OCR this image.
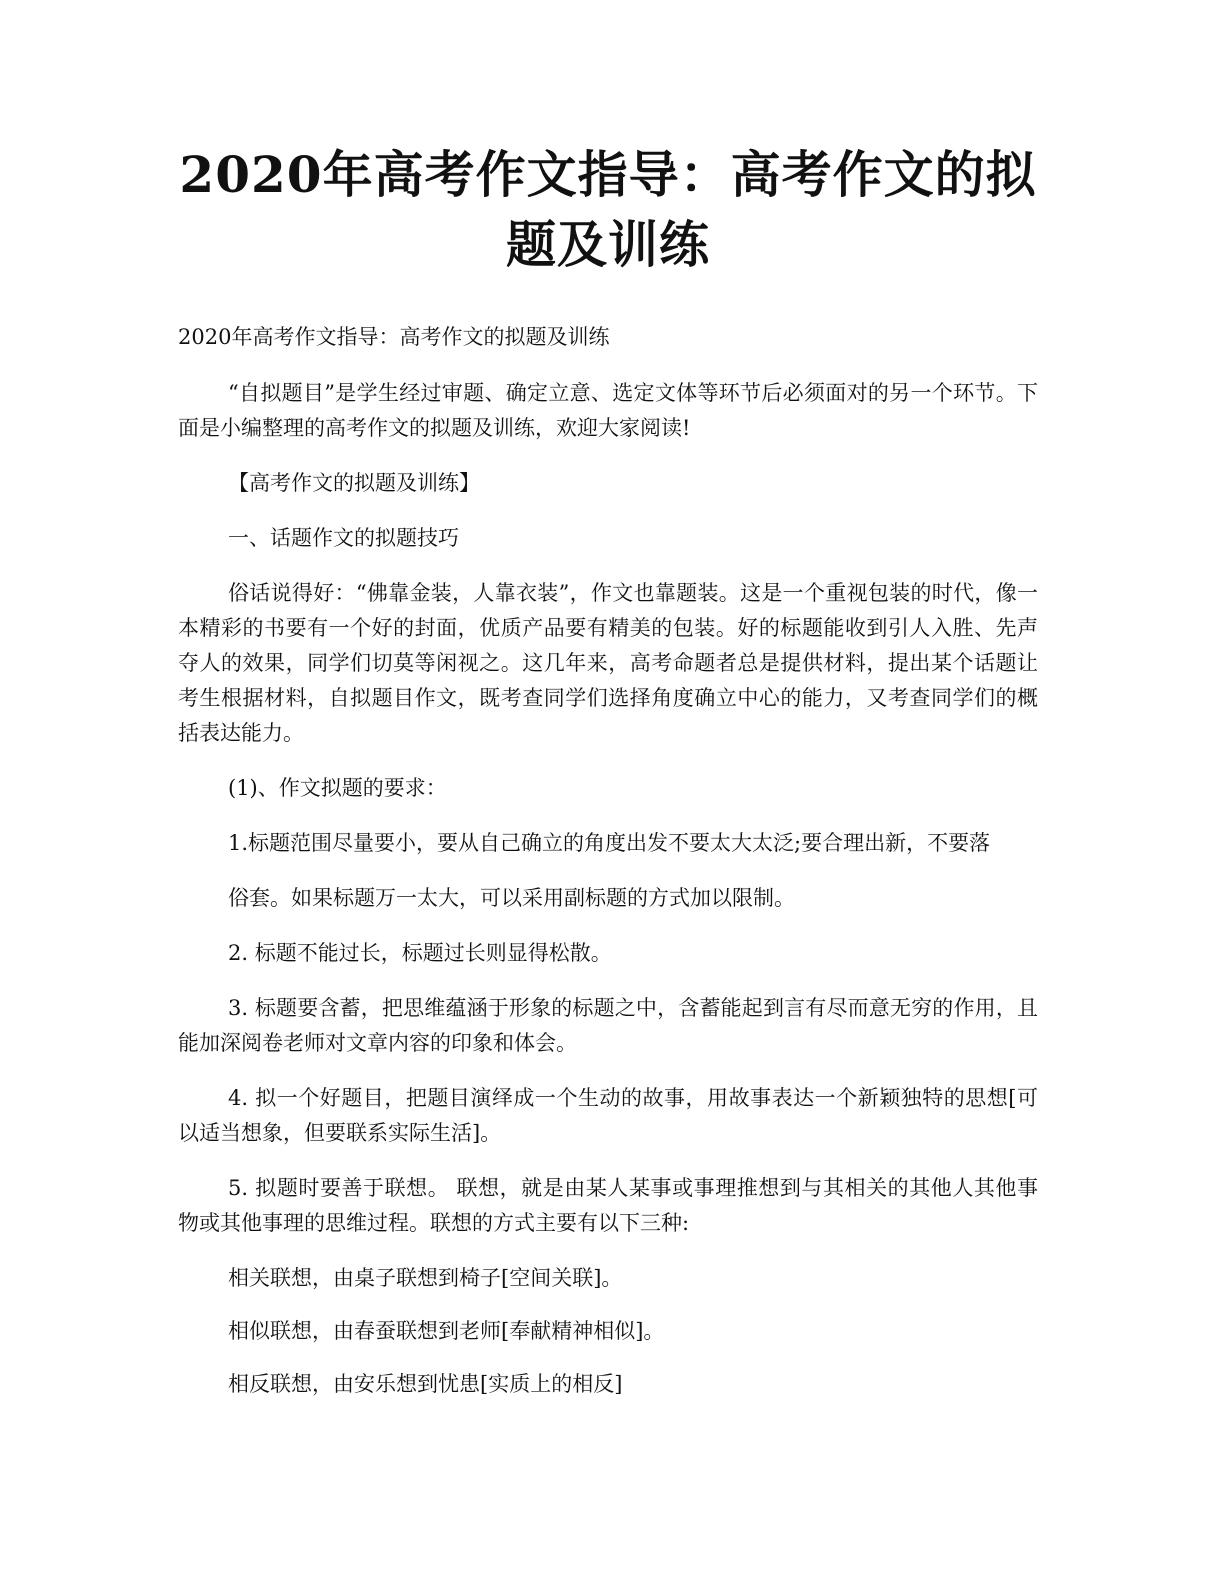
2020年高考作文指导：高考作文的拟题及训练
2020年高考作文指导：高考作文的拟题及训练

“自拟题目”是学生经过审题、确定立意、选定文体等环节后必须面对的另一个环节。下面是小编整理的高考作文的拟题及训练，欢迎大家阅读!

【高考作文的拟题及训练】

一、话题作文的拟题技巧

俗话说得好：“佛靠金装，人靠衣装”，作文也靠题装。这是一个重视包装的时代，像一本精彩的书要有一个好的封面，优质产品要有精美的包装。好的标题能收到引人入胜、先声夺人的效果，同学们切莫等闲视之。这几年来，高考命题者总是提供材料，提出某个话题让考生根据材料，自拟题目作文，既考查同学们选择角度确立中心的能力，又考查同学们的概括表达能力。

(1)、作文拟题的要求：

1.标题范围尽量要小，要从自己确立的角度出发不要太大太泛;要合理出新，不要落

俗套。如果标题万一太大，可以采用副标题的方式加以限制。

2. 标题不能过长，标题过长则显得松散。

3. 标题要含蓄，把思维蕴涵于形象的标题之中，含蓄能起到言有尽而意无穷的作用，且能加深阅卷老师对文章内容的印象和体会。

4. 拟一个好题目，把题目演绎成一个生动的故事，用故事表达一个新颖独特的思想[可以适当想象，但要联系实际生活]。

5. 拟题时要善于联想。 联想，就是由某人某事或事理推想到与其相关的其他人其他事物或其他事理的思维过程。联想的方式主要有以下三种:

相关联想，由桌子联想到椅子[空间关联]。

相似联想，由春蚕联想到老师[奉献精神相似]。

相反联想，由安乐想到忧患[实质上的相反]
